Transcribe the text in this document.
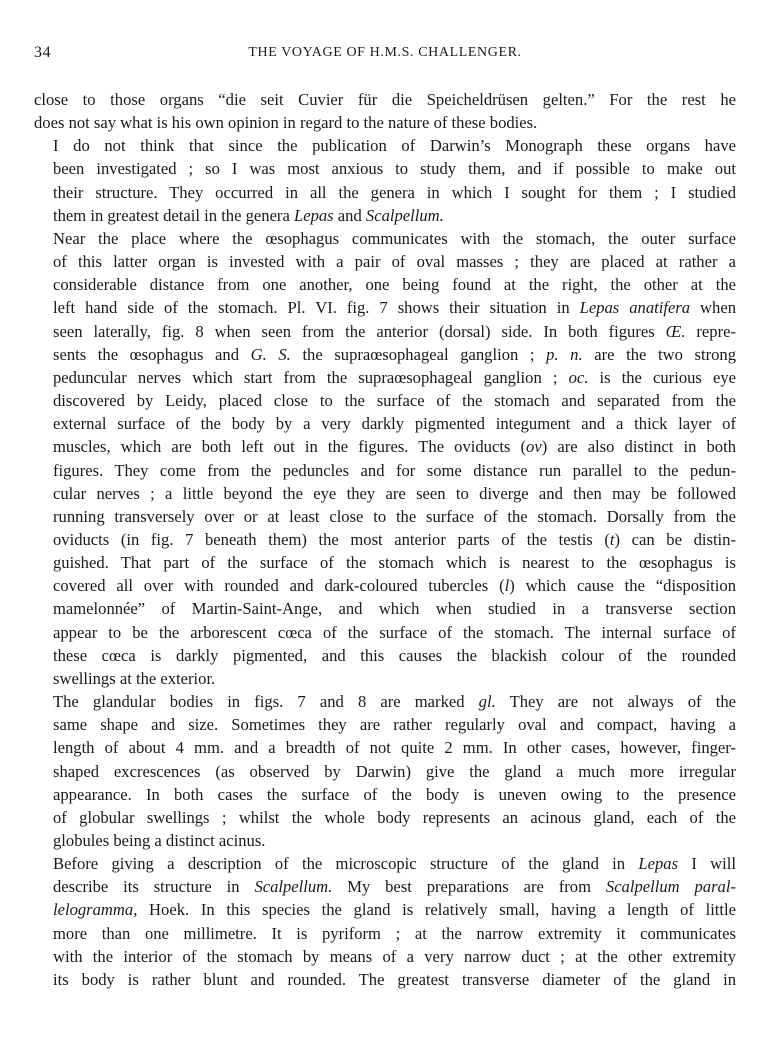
34	THE VOYAGE OF H.M.S. CHALLENGER.
close to those organs “die seit Cuvier für die Speicheldrüsen gelten.” For the rest he
does not say what is his own opinion in regard to the nature of these bodies.
I do not think that since the publication of Darwin’s Monograph these organs have
been investigated ; so I was most anxious to study them, and if possible to make out
their structure. They occurred in all the genera in which I sought for them ; I studied
them in greatest detail in the genera Lepas and Scalpellum.
Near the place where the œsophagus communicates with the stomach, the outer surface
of this latter organ is invested with a pair of oval masses ; they are placed at rather a
considerable distance from one another, one being found at the right, the other at the
left hand side of the stomach. Pl. VI. fig. 7 shows their situation in Lepas anatifera when
seen laterally, fig. 8 when seen from the anterior (dorsal) side. In both figures Œ. repre-
sents the œsophagus and G. S. the supraœsophageal ganglion ; p. n. are the two strong
peduncular nerves which start from the supraœsophageal ganglion ; oc. is the curious eye
discovered by Leidy, placed close to the surface of the stomach and separated from the
external surface of the body by a very darkly pigmented integument and a thick layer of
muscles, which are both left out in the figures. The oviducts (ov) are also distinct in both
figures. They come from the peduncles and for some distance run parallel to the pedun-
cular nerves ; a little beyond the eye they are seen to diverge and then may be followed
running transversely over or at least close to the surface of the stomach. Dorsally from the
oviducts (in fig. 7 beneath them) the most anterior parts of the testis (t) can be distin-
guished. That part of the surface of the stomach which is nearest to the œsophagus is
covered all over with rounded and dark-coloured tubercles (l) which cause the “disposition
mamelonnée” of Martin-Saint-Ange, and which when studied in a transverse section
appear to be the arborescent cœca of the surface of the stomach. The internal surface of
these cœca is darkly pigmented, and this causes the blackish colour of the rounded
swellings at the exterior.
The glandular bodies in figs. 7 and 8 are marked gl. They are not always of the
same shape and size. Sometimes they are rather regularly oval and compact, having a
length of about 4 mm. and a breadth of not quite 2 mm. In other cases, however, finger-
shaped excrescences (as observed by Darwin) give the gland a much more irregular
appearance. In both cases the surface of the body is uneven owing to the presence
of globular swellings ; whilst the whole body represents an acinous gland, each of the
globules being a distinct acinus.
Before giving a description of the microscopic structure of the gland in Lepas I will
describe its structure in Scalpellum. My best preparations are from Scalpellum paral-
lelogramma, Hoek. In this species the gland is relatively small, having a length of little
more than one millimetre. It is pyriform ; at the narrow extremity it communicates
with the interior of the stomach by means of a very narrow duct ; at the other extremity
its body is rather blunt and rounded. The greatest transverse diameter of the gland in
